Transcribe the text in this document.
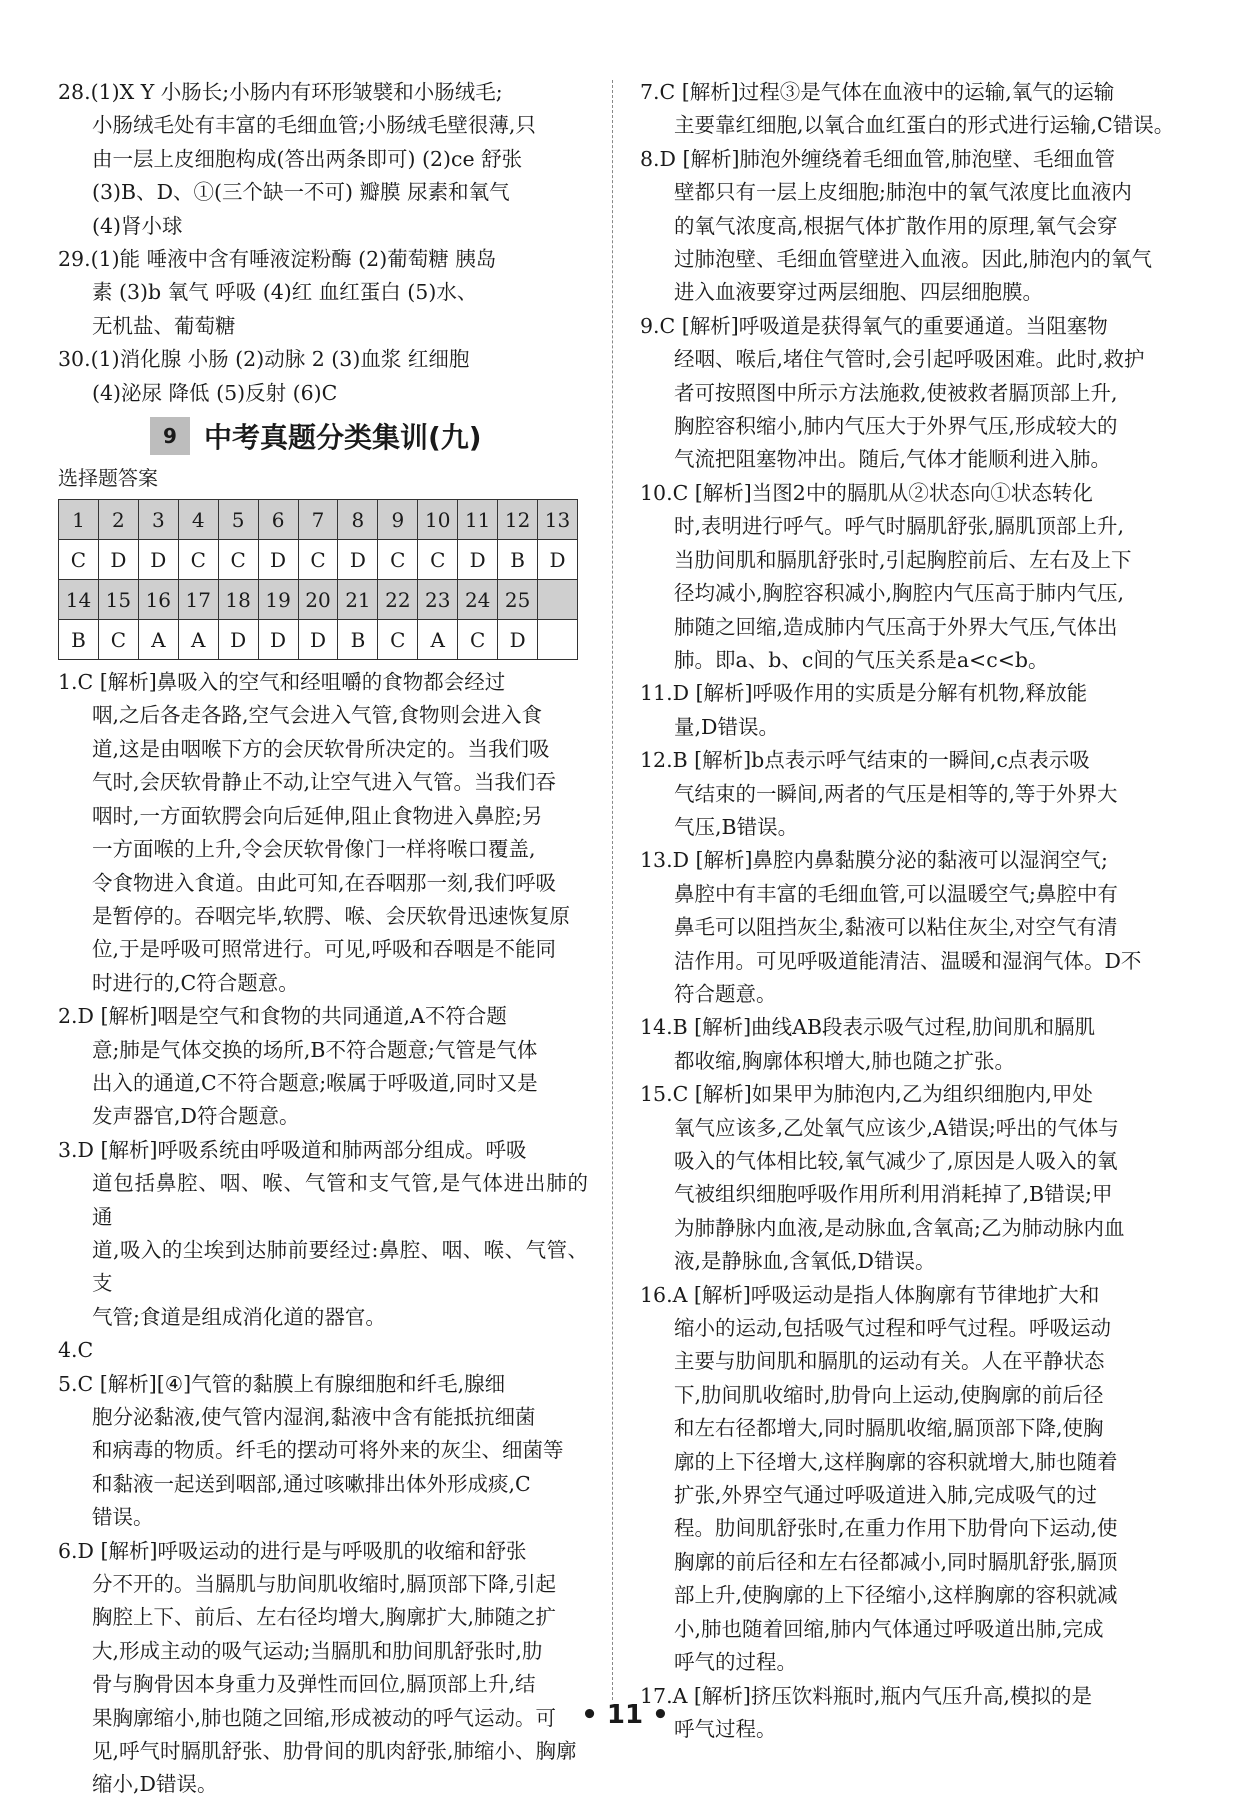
28.(1)X Y 小肠长;小肠内有环形皱襞和小肠绒毛;
小肠绒毛处有丰富的毛细血管;小肠绒毛壁很薄,只
由一层上皮细胞构成(答出两条即可) (2)ce 舒张
(3)B、D、①(三个缺一不可) 瓣膜 尿素和氧气
(4)肾小球
29.(1)能 唾液中含有唾液淀粉酶 (2)葡萄糖 胰岛
素 (3)b 氧气 呼吸 (4)红 血红蛋白 (5)水、
无机盐、葡萄糖
30.(1)消化腺 小肠 (2)动脉 2 (3)血浆 红细胞
(4)泌尿 降低 (5)反射 (6)C
9 中考真题分类集训(九)
选择题答案
1	2	3	4	5	6	7	8	9	10	11	12	13
C	D	D	C	C	D	C	D	C	C	D	B	D
14	15	16	17	18	19	20	21	22	23	24	25	
B	C	A	A	D	D	D	B	C	A	C	D	
1.C [解析]鼻吸入的空气和经咀嚼的食物都会经过
咽,之后各走各路,空气会进入气管,食物则会进入食
道,这是由咽喉下方的会厌软骨所决定的。当我们吸
气时,会厌软骨静止不动,让空气进入气管。当我们吞
咽时,一方面软腭会向后延伸,阻止食物进入鼻腔;另
一方面喉的上升,令会厌软骨像门一样将喉口覆盖,
令食物进入食道。由此可知,在吞咽那一刻,我们呼吸
是暂停的。吞咽完毕,软腭、喉、会厌软骨迅速恢复原
位,于是呼吸可照常进行。可见,呼吸和吞咽是不能同
时进行的,C符合题意。
2.D [解析]咽是空气和食物的共同通道,A不符合题
意;肺是气体交换的场所,B不符合题意;气管是气体
出入的通道,C不符合题意;喉属于呼吸道,同时又是
发声器官,D符合题意。
3.D [解析]呼吸系统由呼吸道和肺两部分组成。呼吸
道包括鼻腔、咽、喉、气管和支气管,是气体进出肺的通
道,吸入的尘埃到达肺前要经过:鼻腔、咽、喉、气管、支
气管;食道是组成消化道的器官。
4.C
5.C [解析][④]气管的黏膜上有腺细胞和纤毛,腺细
胞分泌黏液,使气管内湿润,黏液中含有能抵抗细菌
和病毒的物质。纤毛的摆动可将外来的灰尘、细菌等
和黏液一起送到咽部,通过咳嗽排出体外形成痰,C
错误。
6.D [解析]呼吸运动的进行是与呼吸肌的收缩和舒张
分不开的。当膈肌与肋间肌收缩时,膈顶部下降,引起
胸腔上下、前后、左右径均增大,胸廓扩大,肺随之扩
大,形成主动的吸气运动;当膈肌和肋间肌舒张时,肋
骨与胸骨因本身重力及弹性而回位,膈顶部上升,结
果胸廓缩小,肺也随之回缩,形成被动的呼气运动。可
见,呼气时膈肌舒张、肋骨间的肌肉舒张,肺缩小、胸廓
缩小,D错误。
7.C [解析]过程③是气体在血液中的运输,氧气的运输
主要靠红细胞,以氧合血红蛋白的形式进行运输,C错误。
8.D [解析]肺泡外缠绕着毛细血管,肺泡壁、毛细血管
壁都只有一层上皮细胞;肺泡中的氧气浓度比血液内
的氧气浓度高,根据气体扩散作用的原理,氧气会穿
过肺泡壁、毛细血管壁进入血液。因此,肺泡内的氧气
进入血液要穿过两层细胞、四层细胞膜。
9.C [解析]呼吸道是获得氧气的重要通道。当阻塞物
经咽、喉后,堵住气管时,会引起呼吸困难。此时,救护
者可按照图中所示方法施救,使被救者膈顶部上升,
胸腔容积缩小,肺内气压大于外界气压,形成较大的
气流把阻塞物冲出。随后,气体才能顺利进入肺。
10.C [解析]当图2中的膈肌从②状态向①状态转化
时,表明进行呼气。呼气时膈肌舒张,膈肌顶部上升,
当肋间肌和膈肌舒张时,引起胸腔前后、左右及上下
径均减小,胸腔容积减小,胸腔内气压高于肺内气压,
肺随之回缩,造成肺内气压高于外界大气压,气体出
肺。即a、b、c间的气压关系是a<c<b。
11.D [解析]呼吸作用的实质是分解有机物,释放能
量,D错误。
12.B [解析]b点表示呼气结束的一瞬间,c点表示吸
气结束的一瞬间,两者的气压是相等的,等于外界大
气压,B错误。
13.D [解析]鼻腔内鼻黏膜分泌的黏液可以湿润空气;
鼻腔中有丰富的毛细血管,可以温暖空气;鼻腔中有
鼻毛可以阻挡灰尘,黏液可以粘住灰尘,对空气有清
洁作用。可见呼吸道能清洁、温暖和湿润气体。D不
符合题意。
14.B [解析]曲线AB段表示吸气过程,肋间肌和膈肌
都收缩,胸廓体积增大,肺也随之扩张。
15.C [解析]如果甲为肺泡内,乙为组织细胞内,甲处
氧气应该多,乙处氧气应该少,A错误;呼出的气体与
吸入的气体相比较,氧气减少了,原因是人吸入的氧
气被组织细胞呼吸作用所利用消耗掉了,B错误;甲
为肺静脉内血液,是动脉血,含氧高;乙为肺动脉内血
液,是静脉血,含氧低,D错误。
16.A [解析]呼吸运动是指人体胸廓有节律地扩大和
缩小的运动,包括吸气过程和呼气过程。呼吸运动
主要与肋间肌和膈肌的运动有关。人在平静状态
下,肋间肌收缩时,肋骨向上运动,使胸廓的前后径
和左右径都增大,同时膈肌收缩,膈顶部下降,使胸
廓的上下径增大,这样胸廓的容积就增大,肺也随着
扩张,外界空气通过呼吸道进入肺,完成吸气的过
程。肋间肌舒张时,在重力作用下肋骨向下运动,使
胸廓的前后径和左右径都减小,同时膈肌舒张,膈顶
部上升,使胸廓的上下径缩小,这样胸廓的容积就减
小,肺也随着回缩,肺内气体通过呼吸道出肺,完成
呼气的过程。
17.A [解析]挤压饮料瓶时,瓶内气压升高,模拟的是
呼气过程。
• 11 •
